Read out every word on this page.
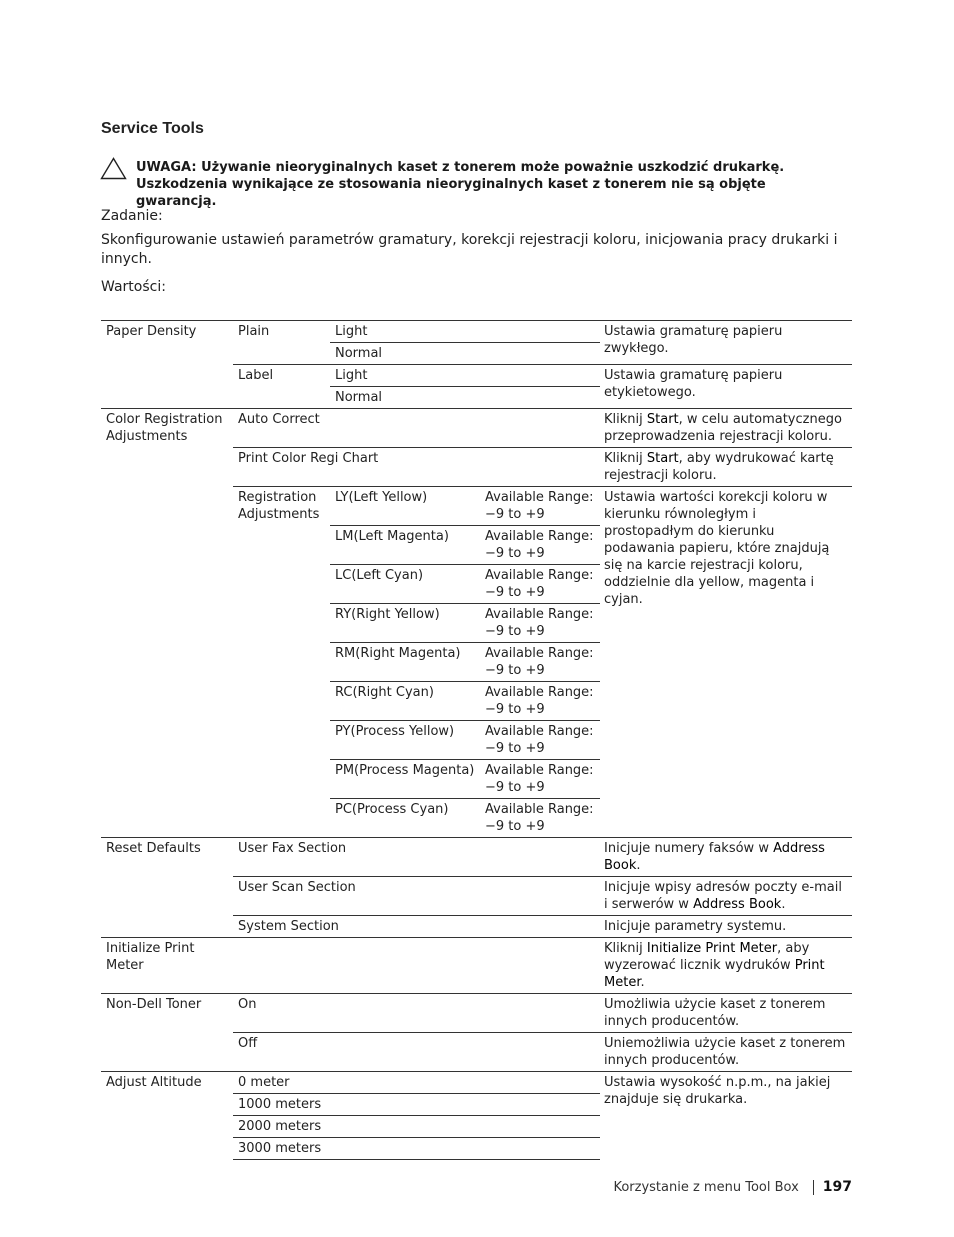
Service Tools
UWAGA: Używanie nieoryginalnych kaset z tonerem może poważnie uszkodzić drukarkę. Uszkodzenia wynikające ze stosowania nieoryginalnych kaset z tonerem nie są objęte gwarancją.
Zadanie:
Skonfigurowanie ustawień parametrów gramatury, korekcji rejestracji koloru, inicjowania pracy drukarki i innych.
Wartości:
Paper Density	Plain	Light		Ustawia gramaturę papieru zwykłego.
		Normal		
	Label	Light		Ustawia gramaturę papieru etykietowego.
		Normal		
Color Registration Adjustments	Auto Correct			Kliknij Start, w celu automatycznego przeprowadzenia rejestracji koloru.
	Print Color Regi Chart			Kliknij Start, aby wydrukować kartę rejestracji koloru.
	Registration Adjustments	LY(Left Yellow)	Available Range: −9 to +9	Ustawia wartości korekcji koloru w kierunku równoległym i prostopadłym do kierunku podawania papieru, które znajdują się na karcie rejestracji koloru, oddzielnie dla yellow, magenta i cyjan.
		LM(Left Magenta)	Available Range: −9 to +9	
		LC(Left Cyan)	Available Range: −9 to +9	
		RY(Right Yellow)	Available Range: −9 to +9	
		RM(Right Magenta)	Available Range: −9 to +9	
		RC(Right Cyan)	Available Range: −9 to +9	
		PY(Process Yellow)	Available Range: −9 to +9	
		PM(Process Magenta)	Available Range: −9 to +9	
		PC(Process Cyan)	Available Range: −9 to +9	
Reset Defaults	User Fax Section			Inicjuje numery faksów w Address Book.
	User Scan Section			Inicjuje wpisy adresów poczty e-mail i serwerów w Address Book.
	System Section			Inicjuje parametry systemu.
Initialize Print Meter				Kliknij Initialize Print Meter, aby wyzerować licznik wydruków Print Meter.
Non-Dell Toner	On			Umożliwia użycie kaset z tonerem innych producentów.
	Off			Uniemożliwia użycie kaset z tonerem innych producentów.
Adjust Altitude	0 meter			Ustawia wysokość n.p.m., na jakiej znajduje się drukarka.
	1000 meters			
	2000 meters			
	3000 meters			
Korzystanie z menu Tool Box 197
